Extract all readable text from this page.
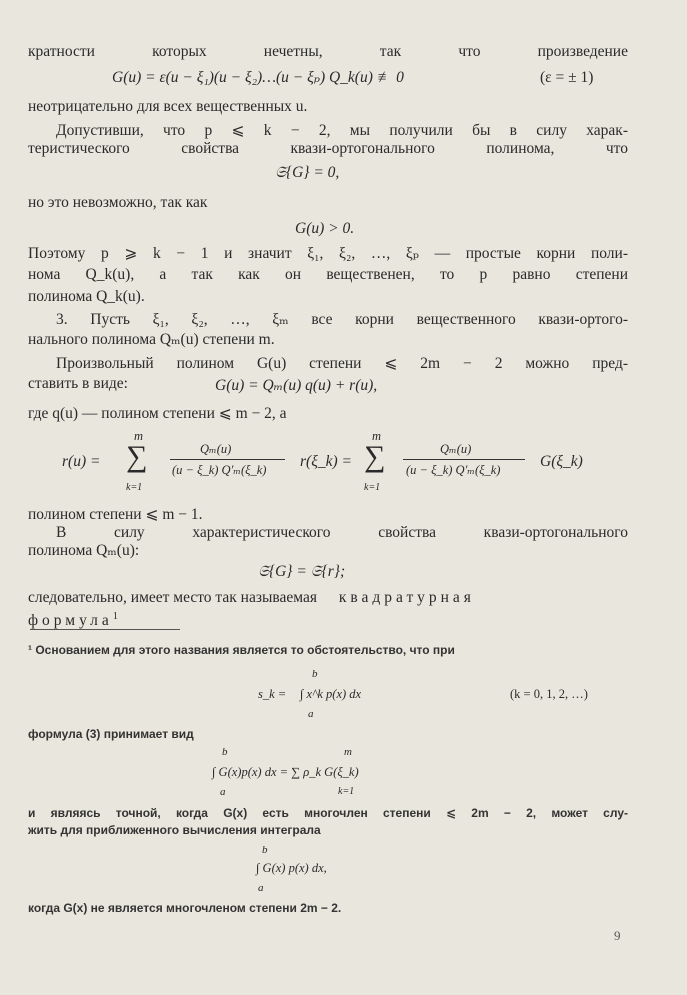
кратности которых нечетны, так что произведение
G(u) = ε(u − ξ₁)(u − ξ₂)…(u − ξₚ) Q_k(u) ≢ 0	(ε = ± 1)
неотрицательно для всех вещественных u.
Допустивши, что p ⩽ k − 2, мы получили бы в силу харак-
теристического свойства квази-ортогонального полинома, что
𝔖{G} = 0,
но это невозможно, так как
G(u) > 0.
Поэтому p ⩾ k − 1 и значит ξ₁, ξ₂, …, ξₚ — простые корни поли-
нома Q_k(u), а так как он вещественен, то p равно степени
полинома Q_k(u).
3. Пусть ξ₁, ξ₂, …, ξₘ все корни вещественного квази-ортого-
нального полинома Qₘ(u) степени m.
Произвольный полином G(u) степени ⩽ 2m − 2 можно пред-
ставить в виде:	G(u) = Qₘ(u) q(u) + r(u),
где q(u) — полином степени ⩽ m − 2, а
r(u) =
m
∑
k=1
Qₘ(u)
(u − ξ_k) Q′ₘ(ξ_k) r(ξ_k) =
m
∑
k=1
Qₘ(u)
(u − ξ_k) Q′ₘ(ξ_k)	G(ξ_k)
полином степени ⩽ m − 1.
В силу характеристического свойства квази-ортогонального
полинома Qₘ(u):
𝔖{G} = 𝔖{r};
следовательно, имеет место так называемая квадратурная
формула$^1$
¹ Основанием для этого названия является то обстоятельство, что при
b
s_k = ∫ x^k p(x) dx
a
(k = 0, 1, 2, …)
формула (3) принимает вид
b	m
∫ G(x)p(x) dx = ∑ ρ_k G(ξ_k)
a	k=1
и являясь точной, когда G(x) есть многочлен степени ⩽ 2m − 2, может слу-
жить для приближенного вычисления интеграла
b
∫ G(x) p(x) dx,
a
когда G(x) не является многочленом степени 2m − 2.
9
